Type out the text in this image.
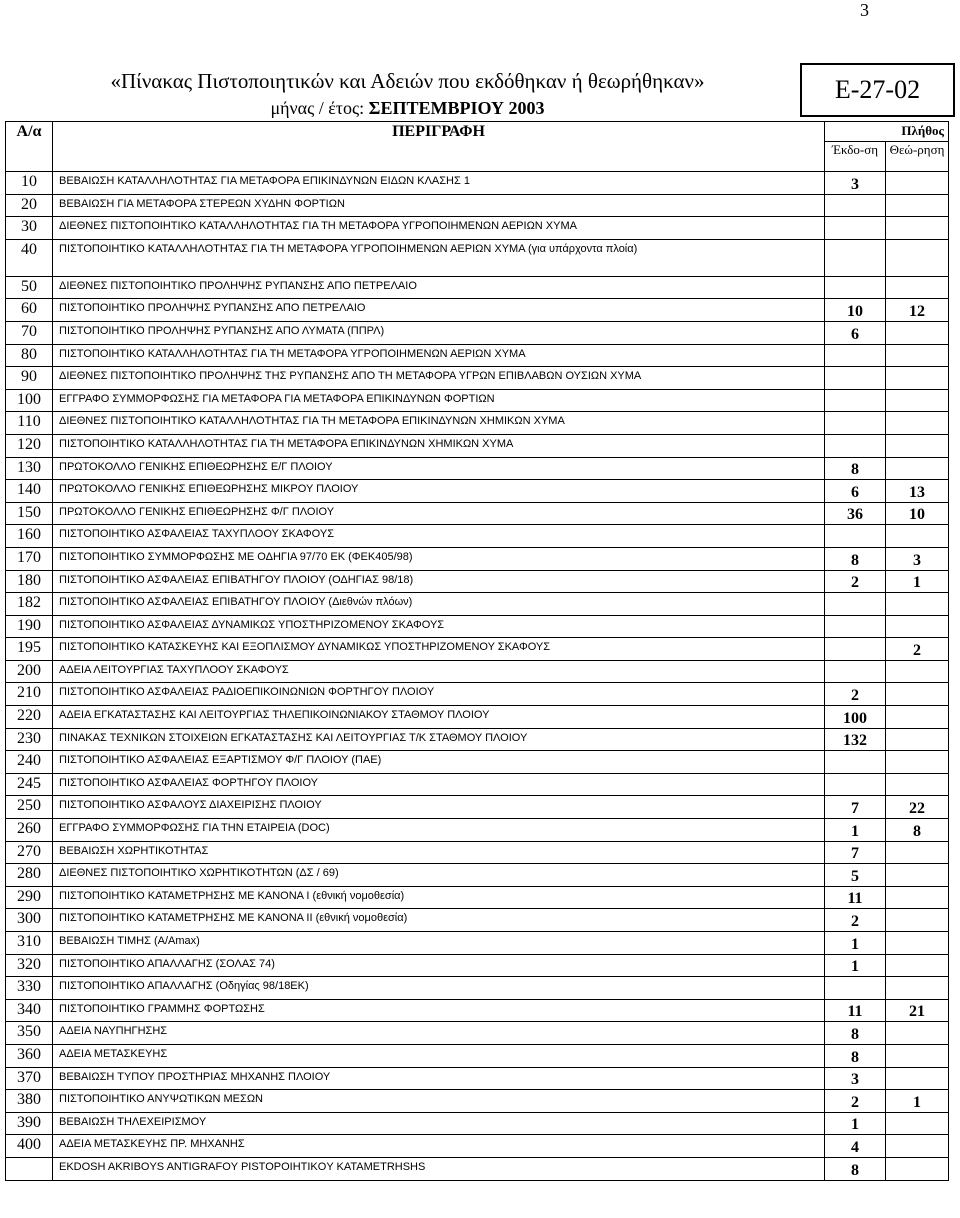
3
«Πίνακας Πιστοποιητικών και Αδειών που εκδόθηκαν ή θεωρήθηκαν»
μήνας / έτος: ΣΕΠΤΕΜΒΡΙΟΥ 2003
Ε-27-02
Α/α	ΠΕΡΙΓΡΑΦΗ	Πλήθος	
		Έκδο-ση	Θεώ-ρηση
10	ΒΕΒΑΙΩΣΗ ΚΑΤΑΛΛΗΛΟΤΗΤΑΣ ΓΙΑ ΜΕΤΑΦΟΡΑ ΕΠΙΚΙΝΔΥΝΩΝ ΕΙΔΩΝ ΚΛΑΣΗΣ 1	3	
20	ΒΕΒΑΙΩΣΗ ΓΙΑ ΜΕΤΑΦΟΡΑ ΣΤΕΡΕΩΝ ΧΥΔΗΝ ΦΟΡΤΙΩΝ		
30	ΔΙΕΘΝΕΣ ΠΙΣΤΟΠΟΙΗΤΙΚΟ ΚΑΤΑΛΛΗΛΟΤΗΤΑΣ ΓΙΑ ΤΗ ΜΕΤΑΦΟΡΑ ΥΓΡΟΠΟΙΗΜΕΝΩΝ ΑΕΡΙΩΝ ΧΥΜΑ		
40	ΠΙΣΤΟΠΟΙΗΤΙΚΟ ΚΑΤΑΛΛΗΛΟΤΗΤΑΣ ΓΙΑ ΤΗ ΜΕΤΑΦΟΡΑ ΥΓΡΟΠΟΙΗΜΕΝΩΝ ΑΕΡΙΩΝ ΧΥΜΑ (για υπάρχοντα πλοία)		
50	ΔΙΕΘΝΕΣ ΠΙΣΤΟΠΟΙΗΤΙΚΟ ΠΡΟΛΗΨΗΣ ΡΥΠΑΝΣΗΣ ΑΠΟ ΠΕΤΡΕΛΑΙΟ		
60	ΠΙΣΤΟΠΟΙΗΤΙΚΟ ΠΡΟΛΗΨΗΣ ΡΥΠΑΝΣΗΣ ΑΠΟ ΠΕΤΡΕΛΑΙΟ	10	12
70	ΠΙΣΤΟΠΟΙΗΤΙΚΟ ΠΡΟΛΗΨΗΣ ΡΥΠΑΝΣΗΣ ΑΠΟ ΛΥΜΑΤΑ (ΠΠΡΛ)	6	
80	ΠΙΣΤΟΠΟΙΗΤΙΚΟ ΚΑΤΑΛΛΗΛΟΤΗΤΑΣ ΓΙΑ ΤΗ ΜΕΤΑΦΟΡΑ ΥΓΡΟΠΟΙΗΜΕΝΩΝ ΑΕΡΙΩΝ ΧΥΜΑ		
90	ΔΙΕΘΝΕΣ ΠΙΣΤΟΠΟΙΗΤΙΚΟ ΠΡΟΛΗΨΗΣ ΤΗΣ ΡΥΠΑΝΣΗΣ ΑΠΟ ΤΗ ΜΕΤΑΦΟΡΑ ΥΓΡΩΝ ΕΠΙΒΛΑΒΩΝ ΟΥΣΙΩΝ ΧΥΜΑ		
100	ΕΓΓΡΑΦΟ ΣΥΜΜΟΡΦΩΣΗΣ ΓΙΑ ΜΕΤΑΦΟΡΑ ΓΙΑ ΜΕΤΑΦΟΡΑ ΕΠΙΚΙΝΔΥΝΩΝ ΦΟΡΤΙΩΝ		
110	ΔΙΕΘΝΕΣ ΠΙΣΤΟΠΟΙΗΤΙΚΟ ΚΑΤΑΛΛΗΛΟΤΗΤΑΣ ΓΙΑ ΤΗ ΜΕΤΑΦΟΡΑ ΕΠΙΚΙΝΔΥΝΩΝ ΧΗΜΙΚΩΝ ΧΥΜΑ		
120	ΠΙΣΤΟΠΟΙΗΤΙΚΟ ΚΑΤΑΛΛΗΛΟΤΗΤΑΣ ΓΙΑ ΤΗ ΜΕΤΑΦΟΡΑ ΕΠΙΚΙΝΔΥΝΩΝ ΧΗΜΙΚΩΝ ΧΥΜΑ		
130	ΠΡΩΤΟΚΟΛΛΟ ΓΕΝΙΚΗΣ ΕΠΙΘΕΩΡΗΣΗΣ Ε/Γ ΠΛΟΙΟΥ	8	
140	ΠΡΩΤΟΚΟΛΛΟ ΓΕΝΙΚΗΣ ΕΠΙΘΕΩΡΗΣΗΣ ΜΙΚΡΟΥ ΠΛΟΙΟΥ	6	13
150	ΠΡΩΤΟΚΟΛΛΟ ΓΕΝΙΚΗΣ ΕΠΙΘΕΩΡΗΣΗΣ Φ/Γ ΠΛΟΙΟΥ	36	10
160	ΠΙΣΤΟΠΟΙΗΤΙΚΟ ΑΣΦΑΛΕΙΑΣ ΤΑΧΥΠΛΟΟΥ ΣΚΑΦΟΥΣ		
170	ΠΙΣΤΟΠΟΙΗΤΙΚΟ ΣΥΜΜΟΡΦΩΣΗΣ ΜΕ ΟΔΗΓΙΑ 97/70 ΕΚ (ΦΕΚ405/98)	8	3
180	ΠΙΣΤΟΠΟΙΗΤΙΚΟ ΑΣΦΑΛΕΙΑΣ ΕΠΙΒΑΤΗΓΟΥ ΠΛΟΙΟΥ (ΟΔΗΓΙΑΣ 98/18)	2	1
182	ΠΙΣΤΟΠΟΙΗΤΙΚΟ ΑΣΦΑΛΕΙΑΣ ΕΠΙΒΑΤΗΓΟΥ ΠΛΟΙΟΥ (Διεθνών πλόων)		
190	ΠΙΣΤΟΠΟΙΗΤΙΚΟ ΑΣΦΑΛΕΙΑΣ ΔΥΝΑΜΙΚΩΣ ΥΠΟΣΤΗΡΙΖΟΜΕΝΟΥ ΣΚΑΦΟΥΣ		
195	ΠΙΣΤΟΠΟΙΗΤΙΚΟ ΚΑΤΑΣΚΕΥΗΣ ΚΑΙ ΕΞΟΠΛΙΣΜΟΥ ΔΥΝΑΜΙΚΩΣ ΥΠΟΣΤΗΡΙΖΟΜΕΝΟΥ ΣΚΑΦΟΥΣ		2
200	ΑΔΕΙΑ ΛΕΙΤΟΥΡΓΙΑΣ ΤΑΧΥΠΛΟΟΥ ΣΚΑΦΟΥΣ		
210	ΠΙΣΤΟΠΟΙΗΤΙΚΟ ΑΣΦΑΛΕΙΑΣ ΡΑΔΙΟΕΠΙΚΟΙΝΩΝΙΩΝ ΦΟΡΤΗΓΟΥ ΠΛΟΙΟΥ	2	
220	ΑΔΕΙΑ ΕΓΚΑΤΑΣΤΑΣΗΣ ΚΑΙ ΛΕΙΤΟΥΡΓΙΑΣ ΤΗΛΕΠΙΚΟΙΝΩΝΙΑΚΟΥ ΣΤΑΘΜΟΥ ΠΛΟΙΟΥ	100	
230	ΠΙΝΑΚΑΣ ΤΕΧΝΙΚΩΝ ΣΤΟΙΧΕΙΩΝ ΕΓΚΑΤΑΣΤΑΣΗΣ ΚΑΙ ΛΕΙΤΟΥΡΓΙΑΣ Τ/Κ ΣΤΑΘΜΟΥ ΠΛΟΙΟΥ	132	
240	ΠΙΣΤΟΠΟΙΗΤΙΚΟ ΑΣΦΑΛΕΙΑΣ ΕΞΑΡΤΙΣΜΟΥ Φ/Γ ΠΛΟΙΟΥ (ΠΑΕ)		
245	ΠΙΣΤΟΠΟΙΗΤΙΚΟ ΑΣΦΑΛΕΙΑΣ ΦΟΡΤΗΓΟΥ ΠΛΟΙΟΥ		
250	ΠΙΣΤΟΠΟΙΗΤΙΚΟ ΑΣΦΑΛΟΥΣ ΔΙΑΧΕΙΡΙΣΗΣ ΠΛΟΙΟΥ	7	22
260	ΕΓΓΡΑΦΟ ΣΥΜΜΟΡΦΩΣΗΣ ΓΙΑ ΤΗΝ ΕΤΑΙΡΕΙΑ (DOC)	1	8
270	ΒΕΒΑΙΩΣΗ ΧΩΡΗΤΙΚΟΤΗΤΑΣ	7	
280	ΔΙΕΘΝΕΣ ΠΙΣΤΟΠΟΙΗΤΙΚΟ ΧΩΡΗΤΙΚΟΤΗΤΩΝ (ΔΣ / 69)	5	
290	ΠΙΣΤΟΠΟΙΗΤΙΚΟ ΚΑΤΑΜΕΤΡΗΣΗΣ ΜΕ ΚΑΝΟΝΑ Ι (εθνική νομοθεσία)	11	
300	ΠΙΣΤΟΠΟΙΗΤΙΚΟ ΚΑΤΑΜΕΤΡΗΣΗΣ ΜΕ ΚΑΝΟΝΑ ΙΙ (εθνική νομοθεσία)	2	
310	ΒΕΒΑΙΩΣΗ ΤΙΜΗΣ (Α/Αmax)	1	
320	ΠΙΣΤΟΠΟΙΗΤΙΚΟ ΑΠΑΛΛΑΓΗΣ (ΣΟΛΑΣ 74)	1	
330	ΠΙΣΤΟΠΟΙΗΤΙΚΟ ΑΠΑΛΛΑΓΗΣ (Οδηγίας 98/18ΕΚ)		
340	ΠΙΣΤΟΠΟΙΗΤΙΚΟ ΓΡΑΜΜΗΣ ΦΟΡΤΩΣΗΣ	11	21
350	ΑΔΕΙΑ ΝΑΥΠΗΓΗΣΗΣ	8	
360	ΑΔΕΙΑ ΜΕΤΑΣΚΕΥΗΣ	8	
370	ΒΕΒΑΙΩΣΗ ΤΥΠΟΥ ΠΡΟΣΤΗΡΙΑΣ ΜΗΧΑΝΗΣ ΠΛΟΙΟΥ	3	
380	ΠΙΣΤΟΠΟΙΗΤΙΚΟ ΑΝΥΨΩΤΙΚΩΝ ΜΕΣΩΝ	2	1
390	ΒΕΒΑΙΩΣΗ ΤΗΛΕΧΕΙΡΙΣΜΟΥ	1	
400	ΑΔΕΙΑ ΜΕΤΑΣΚΕΥΗΣ ΠΡ. ΜΗΧΑΝΗΣ	4	
	EKDOSH AKRIBOYS ANTIGRAFOY PISTOPOIHTIKOY ΚΑΤΑΜΕΤRHSHS	8	
